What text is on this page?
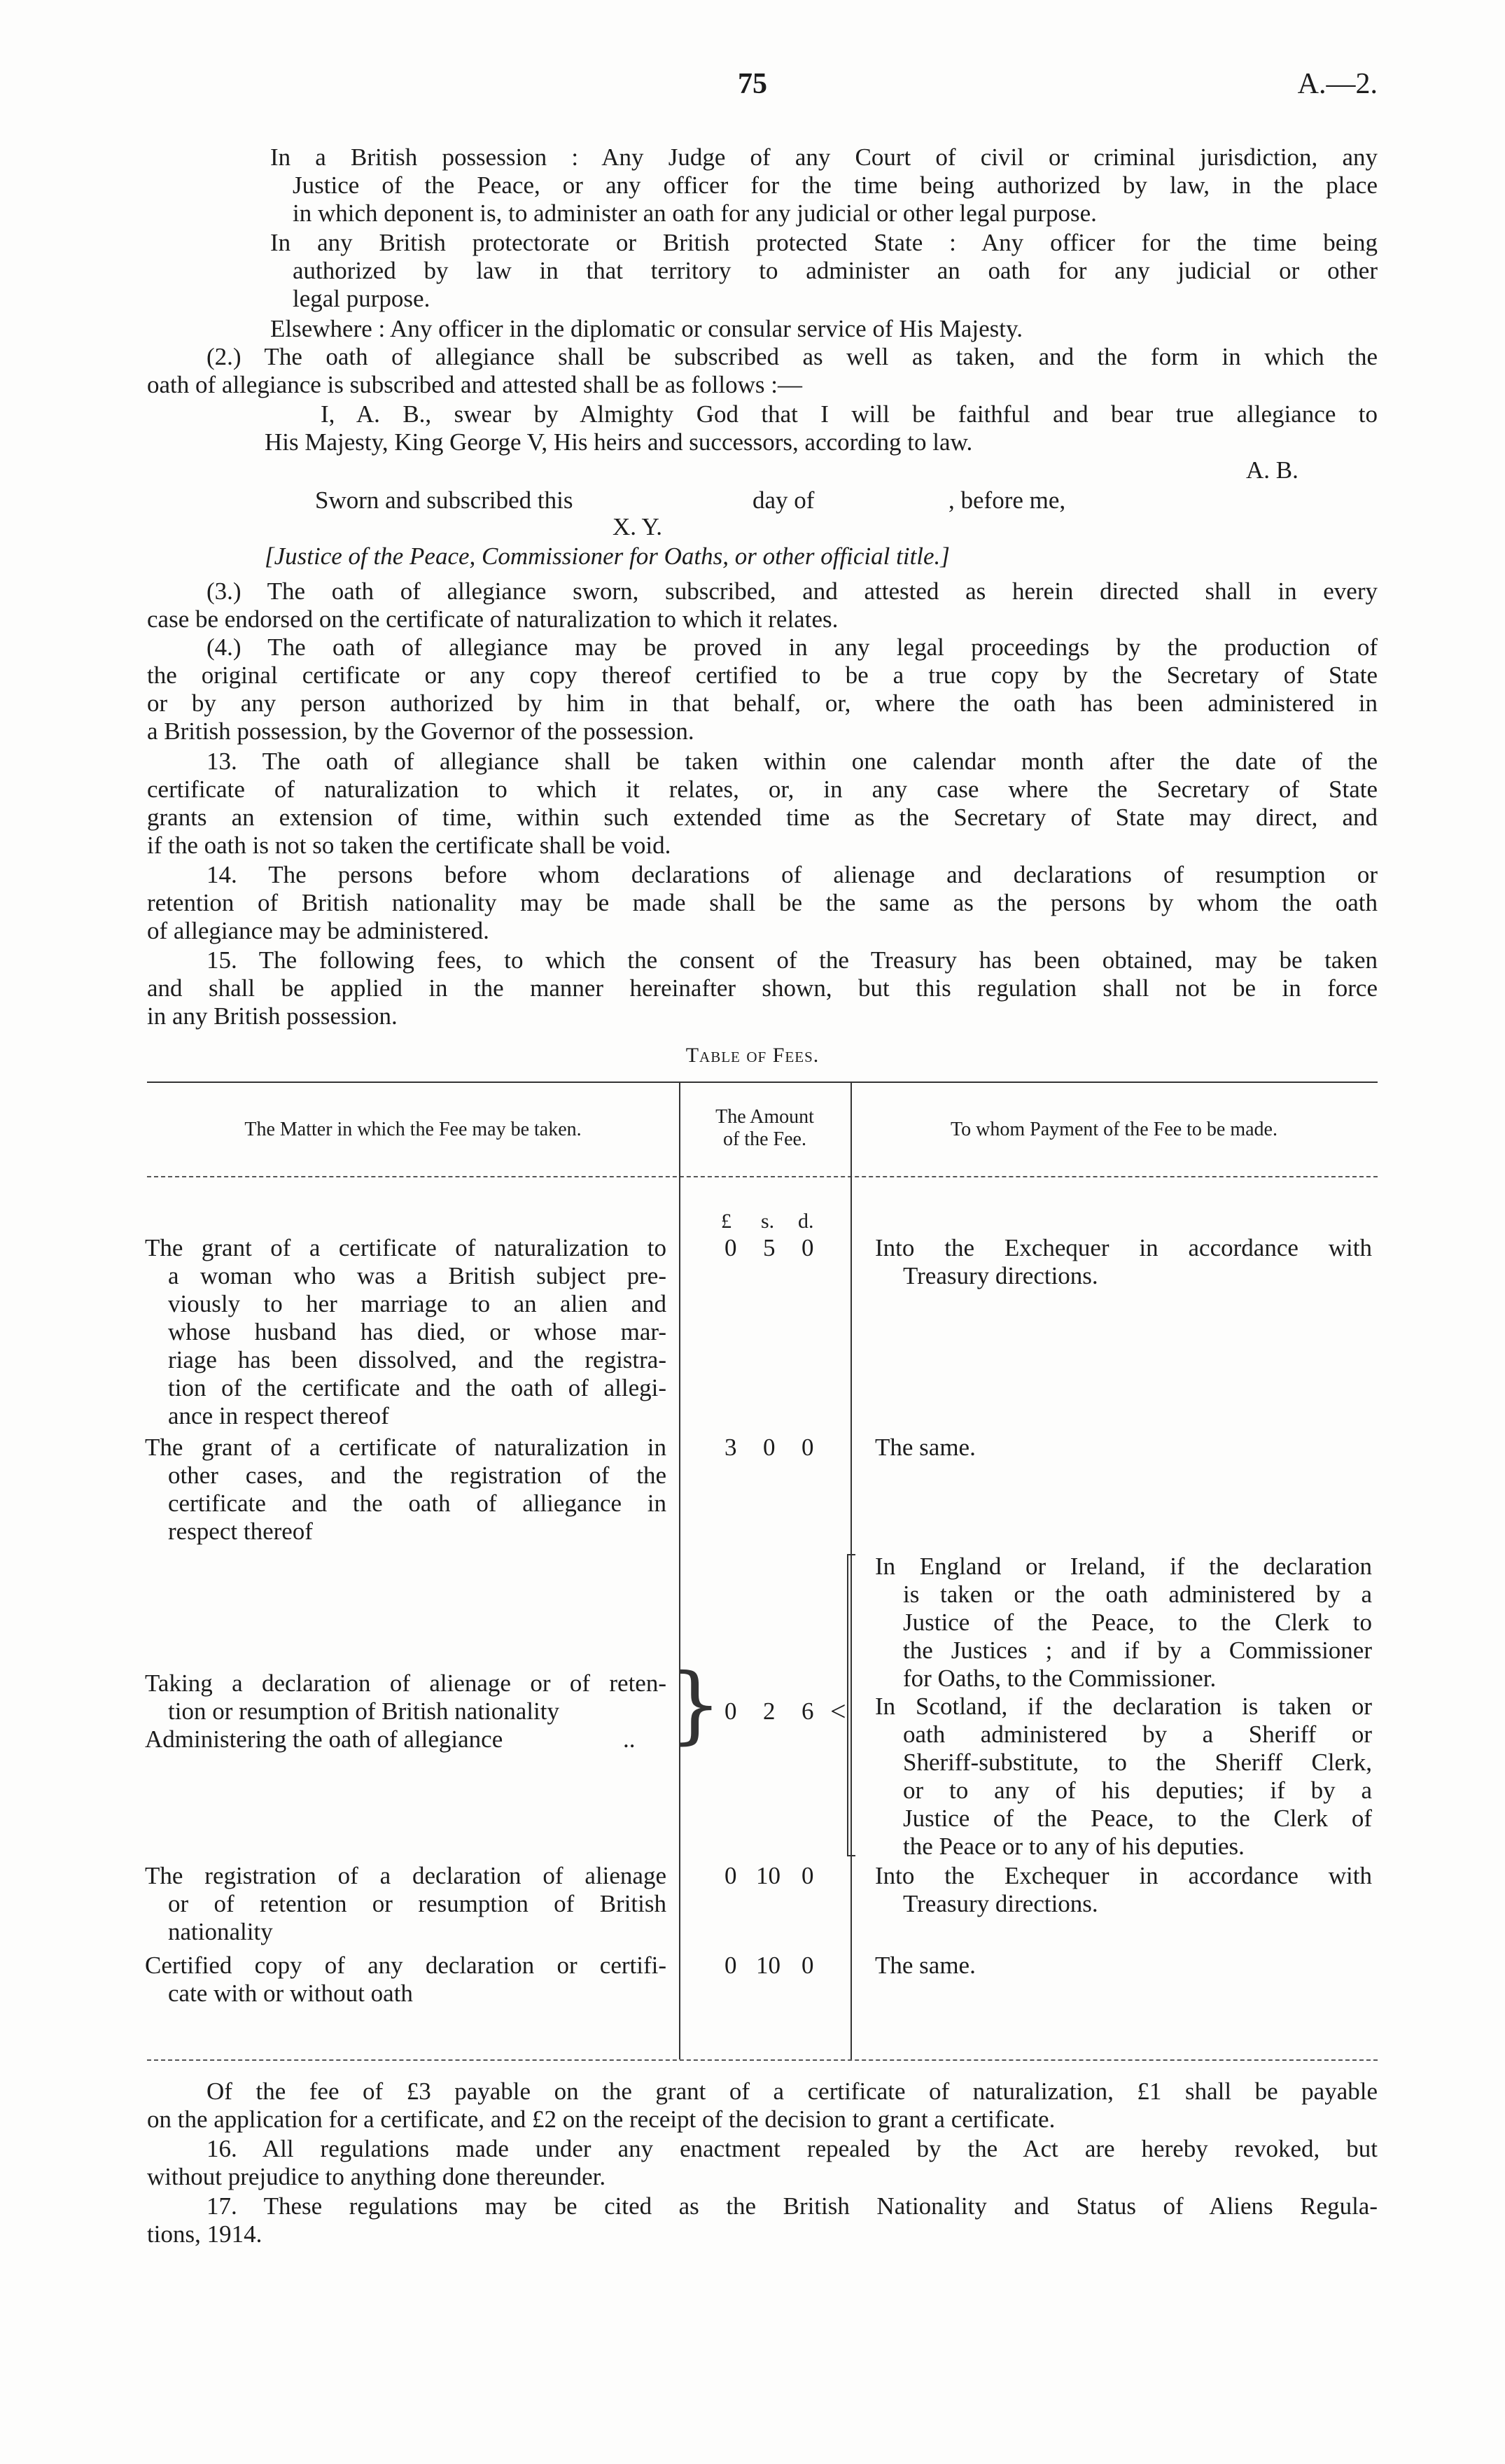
75	A.—2.
In a British possession : Any Judge of any Court of civil or criminal jurisdiction, any
Justice of the Peace, or any officer for the time being authorized by law, in the place
in which deponent is, to administer an oath for any judicial or other legal purpose.
In any British protectorate or British protected State : Any officer for the time being
authorized by law in that territory to administer an oath for any judicial or other
legal purpose.
Elsewhere : Any officer in the diplomatic or consular service of His Majesty.
(2.) The oath of allegiance shall be subscribed as well as taken, and the form in which the
oath of allegiance is subscribed and attested shall be as follows :—
I, A. B., swear by Almighty God that I will be faithful and bear true allegiance to
His Majesty, King George V, His heirs and successors, according to law.
A. B.
Sworn and subscribed this	day of	, before me,
X. Y.
[Justice of the Peace, Commissioner for Oaths, or other official title.]
(3.) The oath of allegiance sworn, subscribed, and attested as herein directed shall in every
case be endorsed on the certificate of naturalization to which it relates.
(4.) The oath of allegiance may be proved in any legal proceedings by the production of
the original certificate or any copy thereof certified to be a true copy by the Secretary of State
or by any person authorized by him in that behalf, or, where the oath has been administered in
a British possession, by the Governor of the possession.
13. The oath of allegiance shall be taken within one calendar month after the date of the
certificate of naturalization to which it relates, or, in any case where the Secretary of State
grants an extension of time, within such extended time as the Secretary of State may direct, and
if the oath is not so taken the certificate shall be void.
14. The persons before whom declarations of alienage and declarations of resumption or
retention of British nationality may be made shall be the same as the persons by whom the oath
of allegiance may be administered.
15. The following fees, to which the consent of the Treasury has been obtained, may be taken
and shall be applied in the manner hereinafter shown, but this regulation shall not be in force
in any British possession.
Table of Fees.
The Matter in which the Fee may be taken.
The Amount
of the Fee.	To whom Payment of the Fee to be made.
£ s. d.
The grant of a certificate of naturalization to
a woman who was a British subject pre-
viously to her marriage to an alien and
whose husband has died, or whose mar-
riage has been dissolved, and the registra-
tion of the certificate and the oath of allegi-
ance in respect thereof
0 5 0	Into the Exchequer in accordance with
Treasury directions.
The grant of a certificate of naturalization in
other cases, and the registration of the
certificate and the oath of alliegance in
respect thereof
3 0 0	The same.
Taking a declaration of alienage or of reten-
tion or resumption of British nationality
Administering the oath of allegiance	.. } 0 2 6 <
In England or Ireland, if the declaration
is taken or the oath administered by a
Justice of the Peace, to the Clerk to
the Justices ; and if by a Commissioner
for Oaths, to the Commissioner.
In Scotland, if the declaration is taken or
oath administered by a Sheriff or
Sheriff-substitute, to the Sheriff Clerk,
or to any of his deputies; if by a
Justice of the Peace, to the Clerk of
the Peace or to any of his deputies.
The registration of a declaration of alienage
or of retention or resumption of British
nationality
0 10 0	Into the Exchequer in accordance with
Treasury directions.
Certified copy of any declaration or certifi-
cate with or without oath
0 10 0	The same.
Of the fee of £3 payable on the grant of a certificate of naturalization, £1 shall be payable
on the application for a certificate, and £2 on the receipt of the decision to grant a certificate.
16. All regulations made under any enactment repealed by the Act are hereby revoked, but
without prejudice to anything done thereunder.
17. These regulations may be cited as the British Nationality and Status of Aliens Regula-
tions, 1914.
